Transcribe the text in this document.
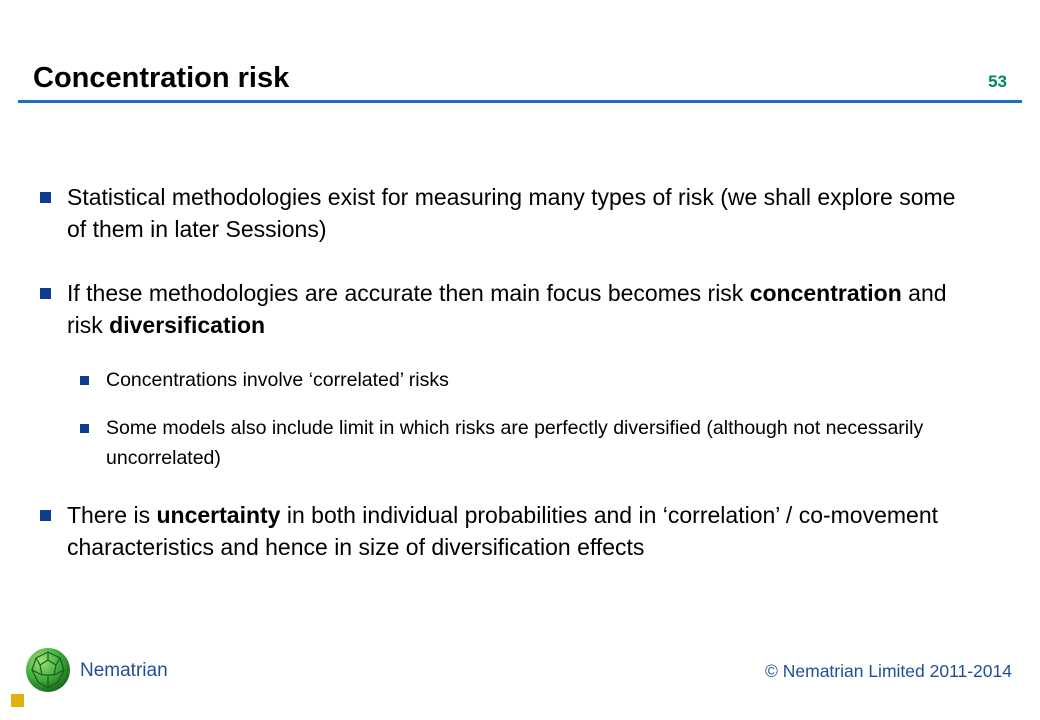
Concentration risk	53
Statistical methodologies exist for measuring many types of risk (we shall explore some of them in later Sessions)
If these methodologies are accurate then main focus becomes risk concentration and risk diversification
Concentrations involve ‘correlated’ risks
Some models also include limit in which risks are perfectly diversified (although not necessarily uncorrelated)
There is uncertainty in both individual probabilities and in ‘correlation’ / co-movement characteristics and hence in size of diversification effects
Nematrian	© Nematrian Limited 2011-2014
